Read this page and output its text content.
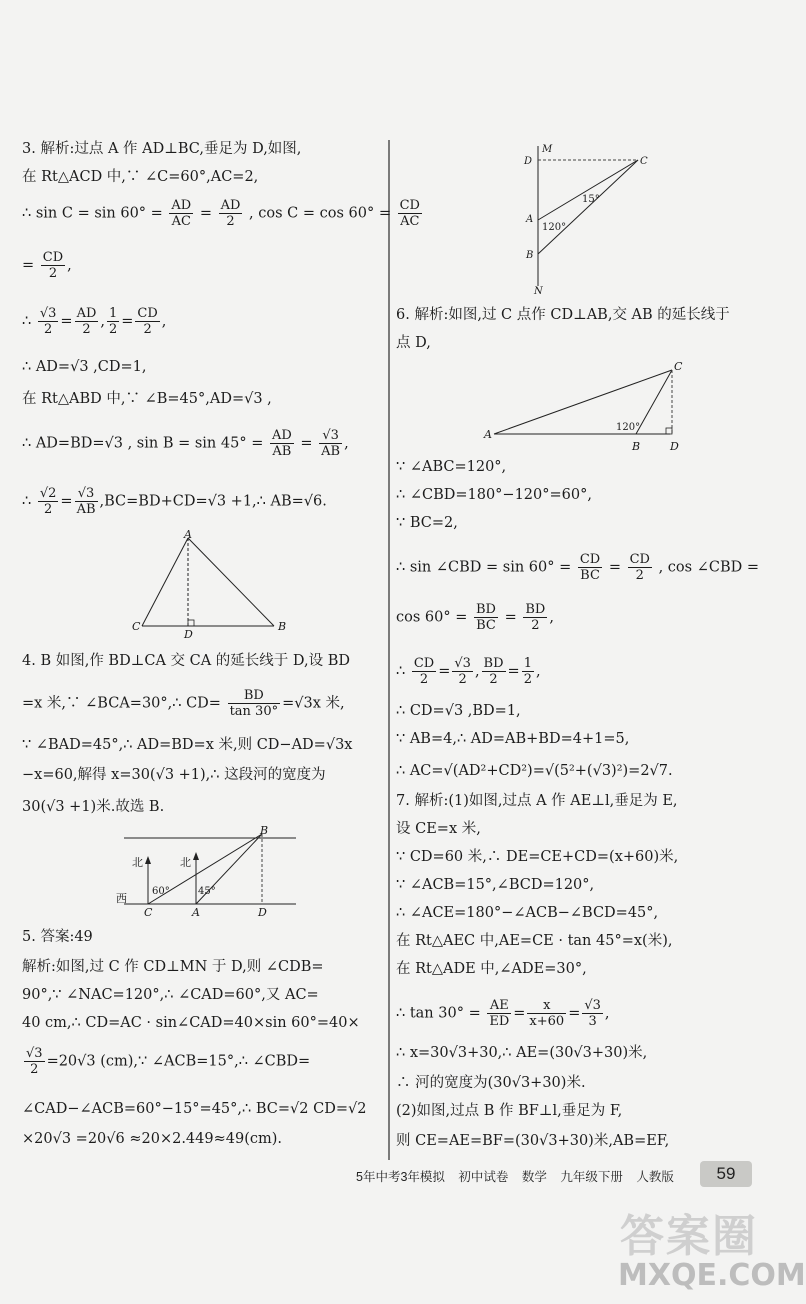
3. 解析:过点 A 作 AD⊥BC,垂足为 D,如图,
在 Rt△ACD 中,∵ ∠C=60°,AC=2,
∴ $\sin C = \sin 60^\circ = \frac{AD}{AC} = \frac{AD}{2}$ , $\cos C = \cos 60^\circ = \frac{CD}{AC}$
= $\frac{CD}{2}$ ,
∴ $\frac{√3}{2} = \frac{AD}{2}$ , $\frac{1}{2} = \frac{CD}{2}$ ,
∴ AD=√3 ,CD=1,
在 Rt△ABD 中,∵ ∠B=45°,AD=√3 ,
∴ AD=BD=√3 , $\sin B = \sin 45^\circ = \frac{AD}{AB} = \frac{√3}{AB}$ ,
∴ $\frac{√2}{2} = \frac{√3}{AB} ,BC=BD+CD=√3$ +1,∴ AB=√6.
A
C	B
D
4. B 如图,作 BD⊥CA 交 CA 的延长线于 D,设 BD
=x 米,∵ ∠BCA=30°,∴ $CD= \frac{BD}{\tan 30^\circ} =√3x$ 米,
∵ ∠BAD=45°,∴ AD=BD=x 米,则 CD−AD=√3x
−x=60,解得 x=30(√3 +1),∴ 这段河的宽度为
30(√3 +1)米.故选 B.
B
C	A	D
西
北	北
60°	45°
5. 答案:49
解析:如图,过 C 作 CD⊥MN 于 D,则 ∠CDB=
90°,∵ ∠NAC=120°,∴ ∠CAD=60°,又 AC=
40 cm,∴ CD=AC · sin∠CAD=40×sin 60°=40×
$\frac{√3}{2} =20√3$ (cm),∵ ∠ACB=15°,∴ ∠CBD=
∠CAD−∠ACB=60°−15°=45°,∴ BC=√2 CD=√2
×20√3 =20√6 ≈20×2.449≈49(cm).
M
D	C
A
B
N
15°
120°
6. 解析:如图,过 C 点作 CD⊥AB,交 AB 的延长线于
点 D,
A
B
C
D
120°
∵ ∠ABC=120°,
∴ ∠CBD=180°−120°=60°,
∵ BC=2,
∴ sin ∠CBD = $\sin 60^\circ = \frac{CD}{BC} = \frac{CD}{2}$ , cos ∠CBD =
$\cos 60^\circ = \frac{BD}{BC} = \frac{BD}{2}$ ,
∴ $\frac{CD}{2} = \frac{√3}{2}$ , $\frac{BD}{2} = \frac{1}{2}$ ,
∴ CD=√3 ,BD=1,
∵ AB=4,∴ AD=AB+BD=4+1=5,
∴ AC=√(AD²+CD²)=√(5²+(√3)²)=2√7.
7. 解析:(1)如图,过点 A 作 AE⊥l,垂足为 E,
设 CE=x 米,
∵ CD=60 米,∴ DE=CE+CD=(x+60)米,
∵ ∠ACB=15°,∠BCD=120°,
∴ ∠ACE=180°−∠ACB−∠BCD=45°,
在 Rt△AEC 中,AE=CE · tan 45°=x(米),
在 Rt△ADE 中,∠ADE=30°,
∴ $\tan 30^\circ = \frac{AE}{ED} = \frac{x}{x+60} = \frac{√3}{3}$ ,
∴ x=30√3+30,∴ AE=(30√3+30)米,
∴ 河的宽度为(30√3+30)米.
(2)如图,过点 B 作 BF⊥l,垂足为 F,
则 CE=AE=BF=(30√3+30)米,AB=EF,
5年中考3年模拟 初中试卷 数学 九年级下册 人教版	59
答案圈
MXQE.COM
